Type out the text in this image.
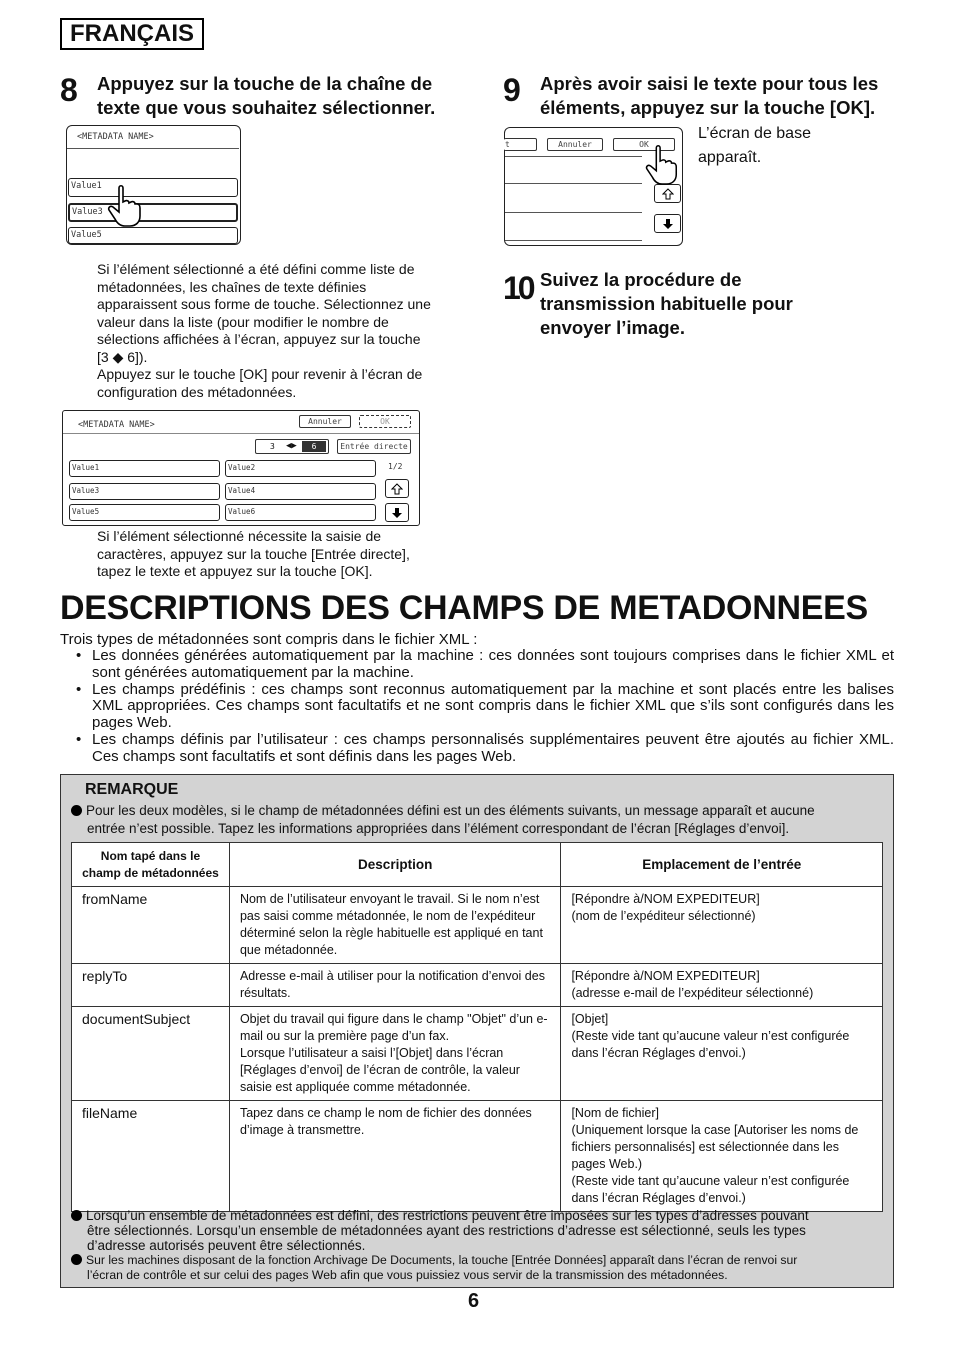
FRANÇAIS
8 Appuyez sur la touche de la chaîne de
texte que vous souhaitez sélectionner.
<METADATA NAME>
Value1
Value3
Value5
Si l’élément sélectionné a été défini comme liste de
métadonnées, les chaînes de texte définies
apparaissent sous forme de touche. Sélectionnez une
valeur dans la liste (pour modifier le nombre de
sélections affichées à l’écran, appuyez sur la touche
[3 ◆ 6]).
Appuyez sur le touche [OK] pour revenir à l’écran de
configuration des métadonnées.
<METADATA NAME>	Annuler	OK
3 ◀▶	6	Entrée directe
Value1	Value2
Value3	Value4
Value5	Value6
1/2
Si l’élément sélectionné nécessite la saisie de
caractères, appuyez sur la touche [Entrée directe],
tapez le texte et appuyez sur la touche [OK].
9 Après avoir saisi le texte pour tous les
éléments, appuyez sur la touche [OK].
t	Annuler	OK
L’écran de base
apparaît.
10 Suivez la procédure de
transmission habituelle pour
envoyer l’image.
DESCRIPTIONS DES CHAMPS DE METADONNEES
Trois types de métadonnées sont compris dans le fichier XML :
• Les données générées automatiquement par la machine : ces données sont toujours comprises dans le fichier XML et sont générées automatiquement par la machine.
• Les champs prédéfinis : ces champs sont reconnus automatiquement par la machine et sont placés entre les balises XML appropriées. Ces champs sont facultatifs et ne sont compris dans le fichier XML que s’ils sont configurés dans les pages Web.
• Les champs définis par l’utilisateur : ces champs personnalisés supplémentaires peuvent être ajoutés au fichier XML. Ces champs sont facultatifs et sont définis dans les pages Web.
REMARQUE
Pour les deux modèles, si le champ de métadonnées défini est un des éléments suivants, un message apparaît et aucune
entrée n’est possible. Tapez les informations appropriées dans l’élément correspondant de l’écran [Réglages d’envoi].
Nom tapé dans le champ de métadonnées	Description	Emplacement de l’entrée
fromName	Nom de l’utilisateur envoyant le travail. Si le nom n’est pas saisi comme métadonnée, le nom de l’expéditeur déterminé selon la règle habituelle est appliqué en tant que métadonnée.	[Répondre à/NOM EXPEDITEUR]
(nom de l’expéditeur sélectionné)
replyTo	Adresse e-mail à utiliser pour la notification d’envoi des résultats.	[Répondre à/NOM EXPEDITEUR]
(adresse e-mail de l’expéditeur sélectionné)
documentSubject	Objet du travail qui figure dans le champ "Objet" d’un e-mail ou sur la première page d’un fax.
Lorsque l’utilisateur a saisi l’[Objet] dans l’écran [Réglages d’envoi] de l’écran de contrôle, la valeur saisie est appliquée comme métadonnée.	[Objet]
(Reste vide tant qu’aucune valeur n’est configurée dans l’écran Réglages d’envoi.)
fileName	Tapez dans ce champ le nom de fichier des données d’image à transmettre.	[Nom de fichier]
(Uniquement lorsque la case [Autoriser les noms de fichiers personnalisés] est sélectionnée dans les pages Web.)
(Reste vide tant qu’aucune valeur n’est configurée dans l’écran Réglages d’envoi.)
Lorsqu’un ensemble de métadonnées est défini, des restrictions peuvent être imposées sur les types d’adresses pouvant
être sélectionnés. Lorsqu’un ensemble de métadonnées ayant des restrictions d’adresse est sélectionné, seuls les types
d’adresse autorisés peuvent être sélectionnés.
Sur les machines disposant de la fonction Archivage De Documents, la touche [Entrée Données] apparaît dans l’écran de renvoi sur
l’écran de contrôle et sur celui des pages Web afin que vous puissiez vous servir de la transmission des métadonnées.
6
